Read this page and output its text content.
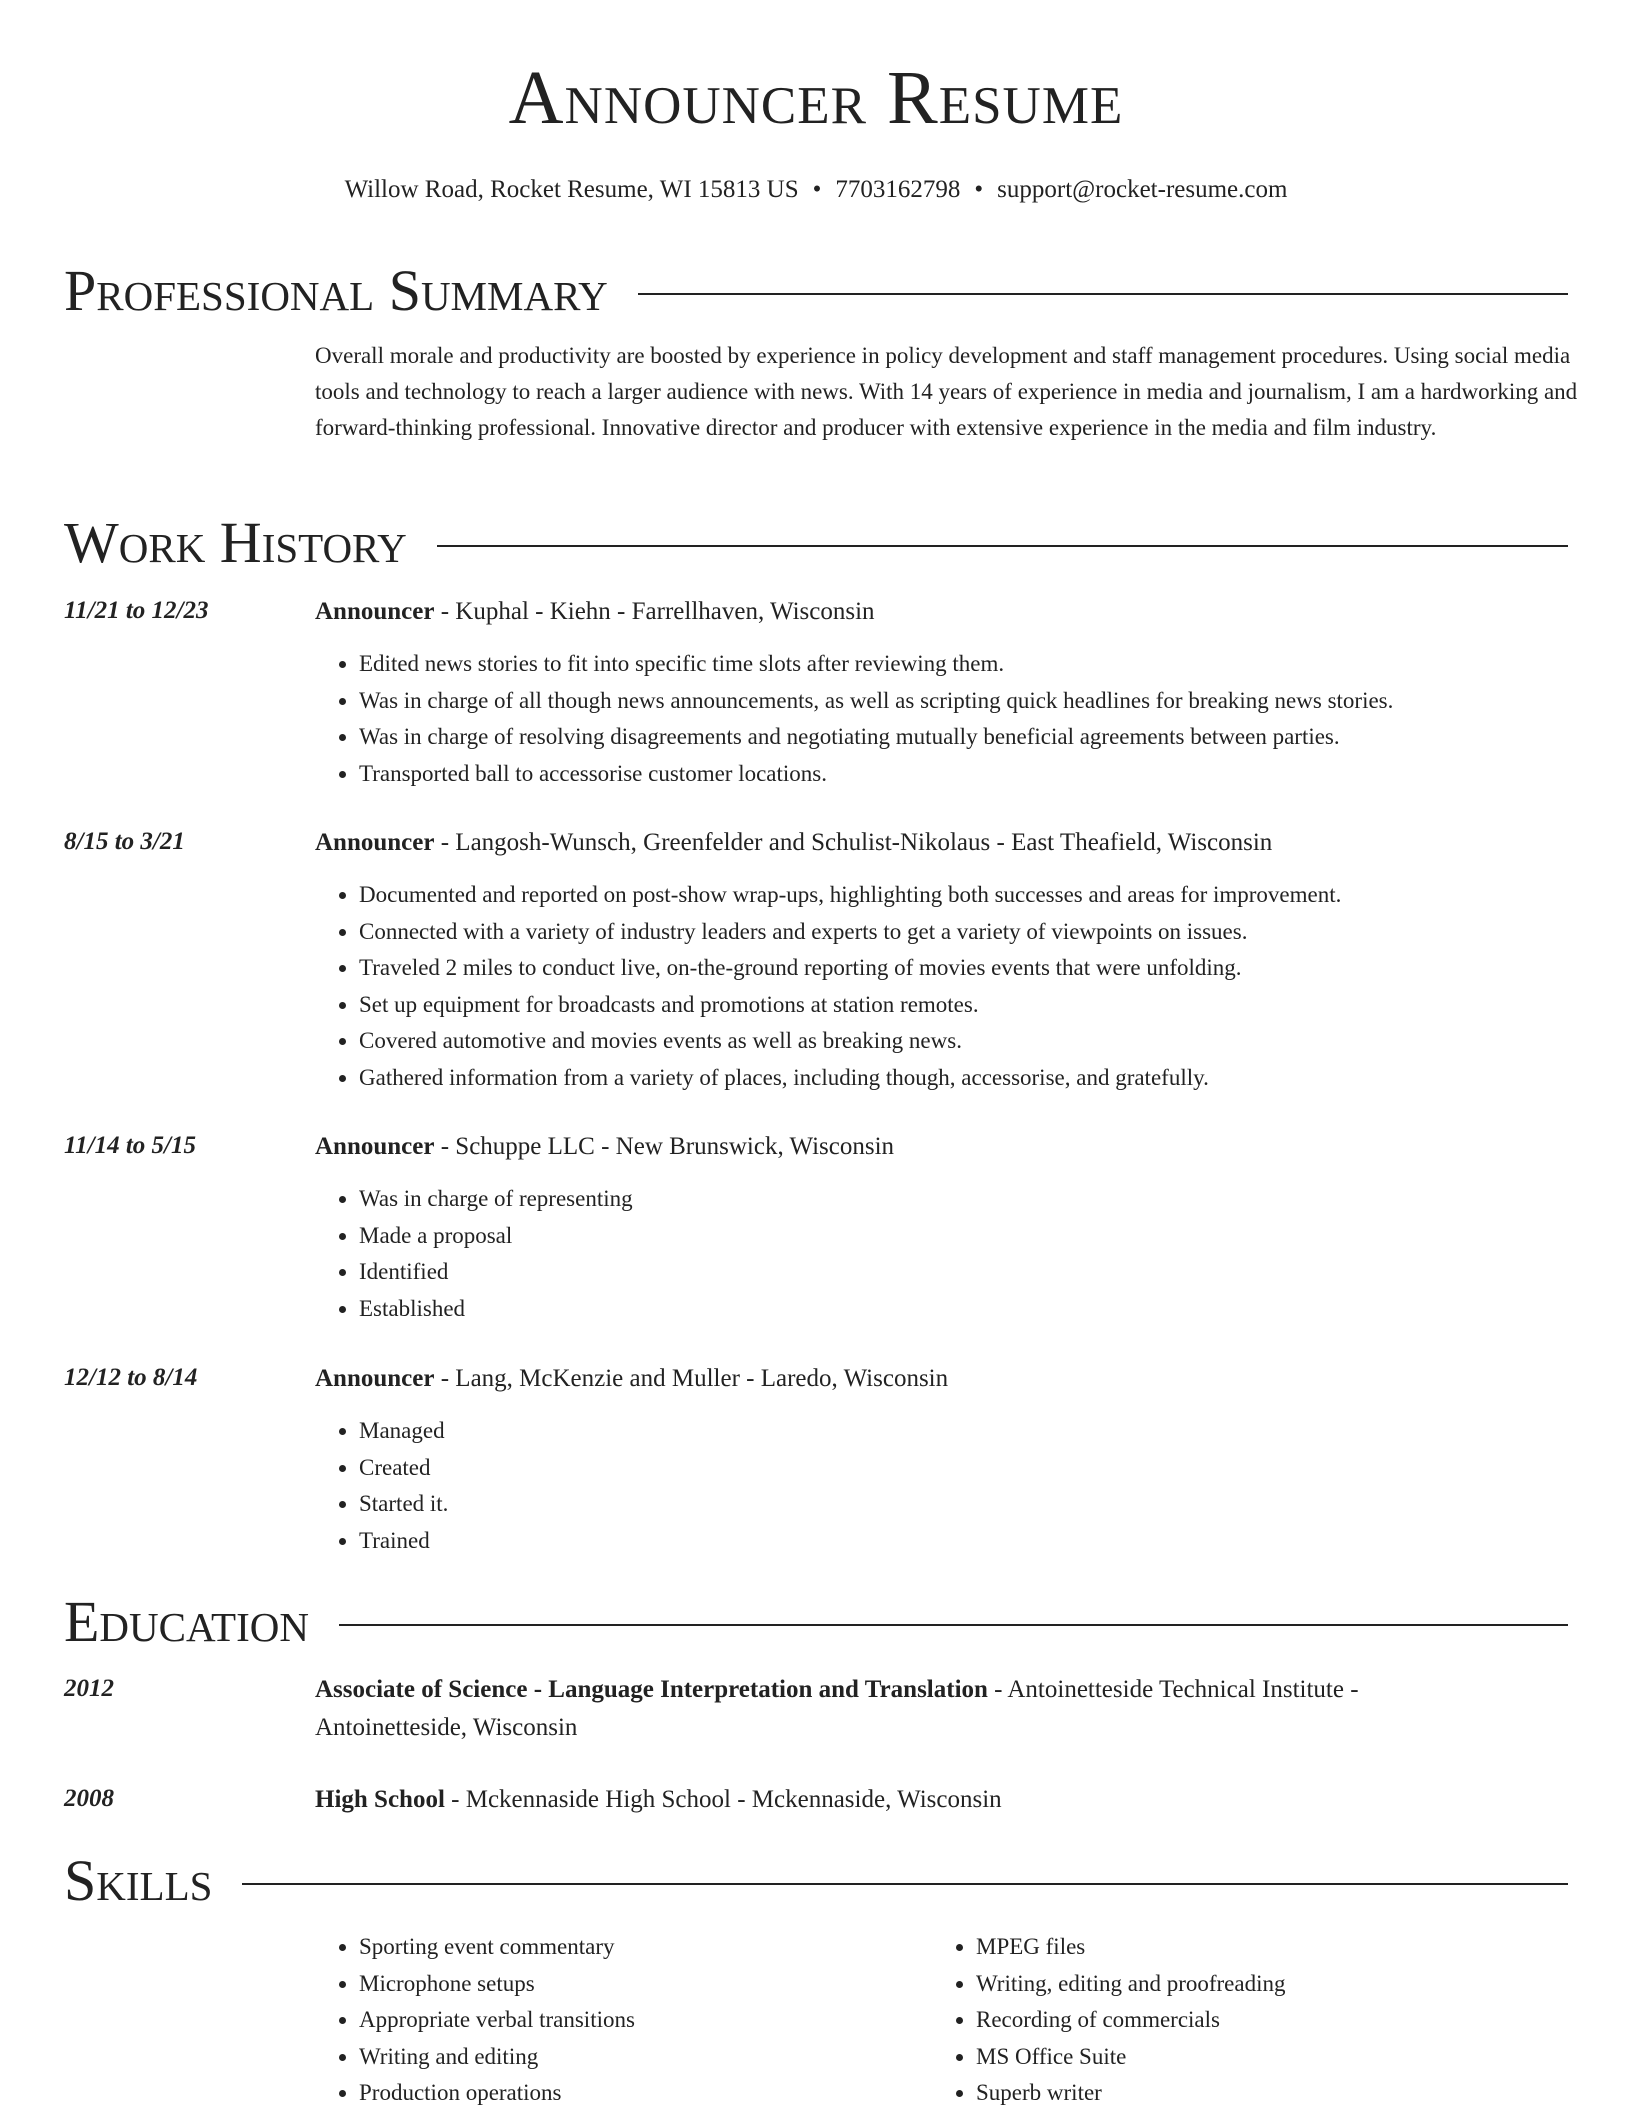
Announcer Resume
Willow Road, Rocket Resume, WI 15813 US • 7703162798 • support@rocket-resume.com
Professional Summary

Overall morale and productivity are boosted by experience in policy development and staff management procedures. Using social media tools and technology to reach a larger audience with news. With 14 years of experience in media and journalism, I am a hardworking and forward-thinking professional. Innovative director and producer with extensive experience in the media and film industry.

Work History
11/21 to 12/23	Announcer - Kuphal - Kiehn - Farrellhaven, Wisconsin
• Edited news stories to fit into specific time slots after reviewing them.
• Was in charge of all though news announcements, as well as scripting quick headlines for breaking news stories.
• Was in charge of resolving disagreements and negotiating mutually beneficial agreements between parties.
• Transported ball to accessorise customer locations.
8/15 to 3/21	Announcer - Langosh-Wunsch, Greenfelder and Schulist-Nikolaus - East Theafield, Wisconsin
• Documented and reported on post-show wrap-ups, highlighting both successes and areas for improvement.
• Connected with a variety of industry leaders and experts to get a variety of viewpoints on issues.
• Traveled 2 miles to conduct live, on-the-ground reporting of movies events that were unfolding.
• Set up equipment for broadcasts and promotions at station remotes.
• Covered automotive and movies events as well as breaking news.
• Gathered information from a variety of places, including though, accessorise, and gratefully.
11/14 to 5/15	Announcer - Schuppe LLC - New Brunswick, Wisconsin
• Was in charge of representing
• Made a proposal
• Identified
• Established
12/12 to 8/14	Announcer - Lang, McKenzie and Muller - Laredo, Wisconsin
• Managed
• Created
• Started it.
• Trained
Education
2012	Associate of Science - Language Interpretation and Translation - Antoinetteside Technical Institute - Antoinetteside, Wisconsin
2008	High School - Mckennaside High School - Mckennaside, Wisconsin
Skills
• Sporting event commentary
• Microphone setups
• Appropriate verbal transitions
• Writing and editing
• Production operations
• MPEG files
• Writing, editing and proofreading
• Recording of commercials
• MS Office Suite
• Superb writer
